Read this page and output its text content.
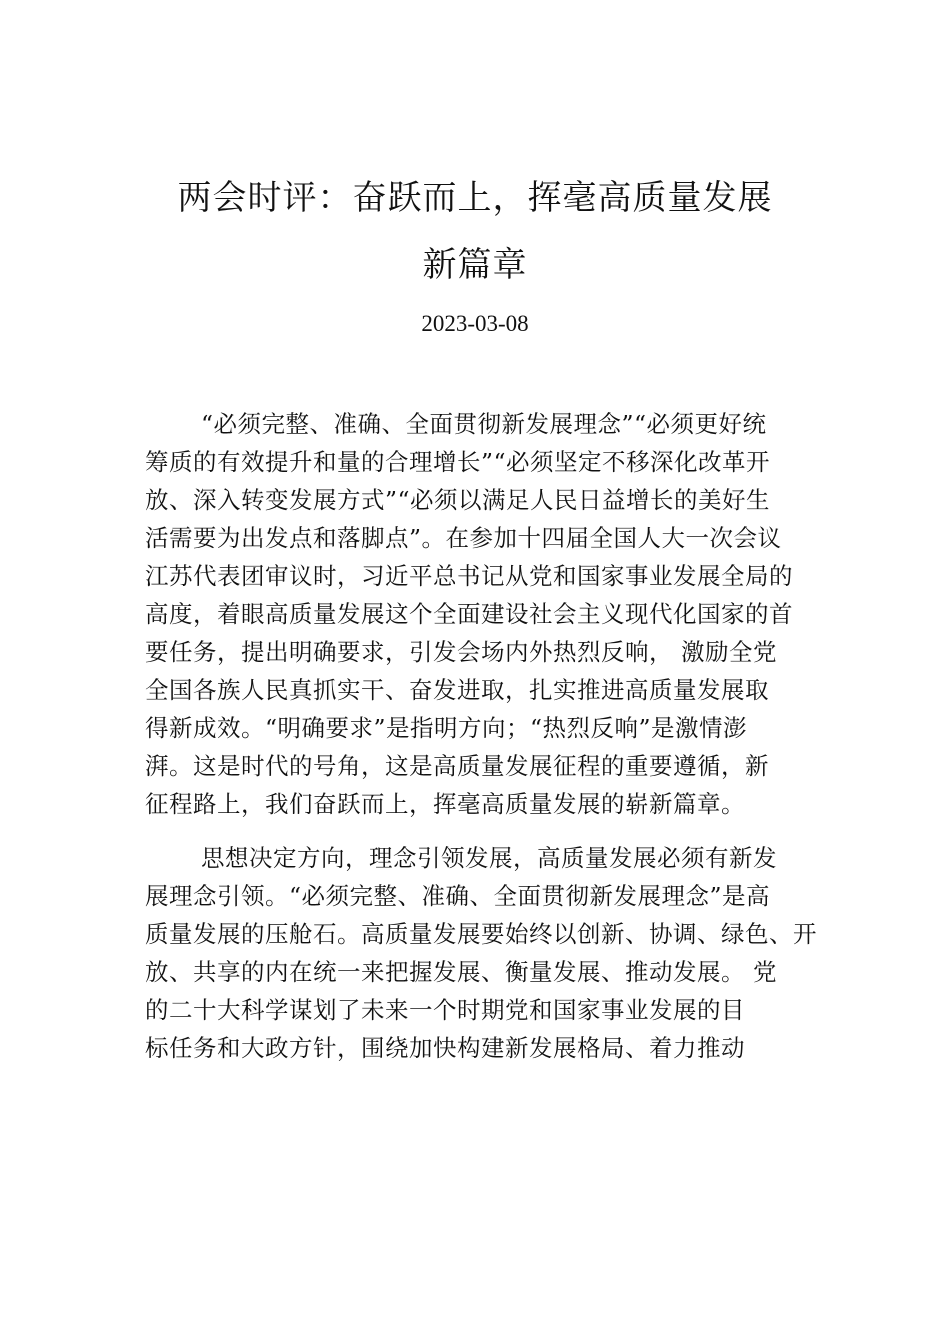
两会时评：奋跃而上，挥毫高质量发展
新篇章
2023-03-08
“必须完整、准确、全面贯彻新发展理念”“必须更好统
筹质的有效提升和量的合理增长”“必须坚定不移深化改革开
放、深入转变发展方式”“必须以满足人民日益增长的美好生
活需要为出发点和落脚点”。在参加十四届全国人大一次会议
江苏代表团审议时，习近平总书记从党和国家事业发展全局的
高度，着眼高质量发展这个全面建设社会主义现代化国家的首
要任务，提出明确要求，引发会场内外热烈反响， 激励全党
全国各族人民真抓实干、奋发进取，扎实推进高质量发展取
得新成效。“明确要求”是指明方向；“热烈反响”是激情澎
湃。这是时代的号角，这是高质量发展征程的重要遵循，新
征程路上，我们奋跃而上，挥毫高质量发展的崭新篇章。
思想决定方向，理念引领发展，高质量发展必须有新发
展理念引领。“必须完整、准确、全面贯彻新发展理念”是高
质量发展的压舱石。高质量发展要始终以创新、协调、绿色、开
放、共享的内在统一来把握发展、衡量发展、推动发展。 党
的二十大科学谋划了未来一个时期党和国家事业发展的目
标任务和大政方针，围绕加快构建新发展格局、着力推动
